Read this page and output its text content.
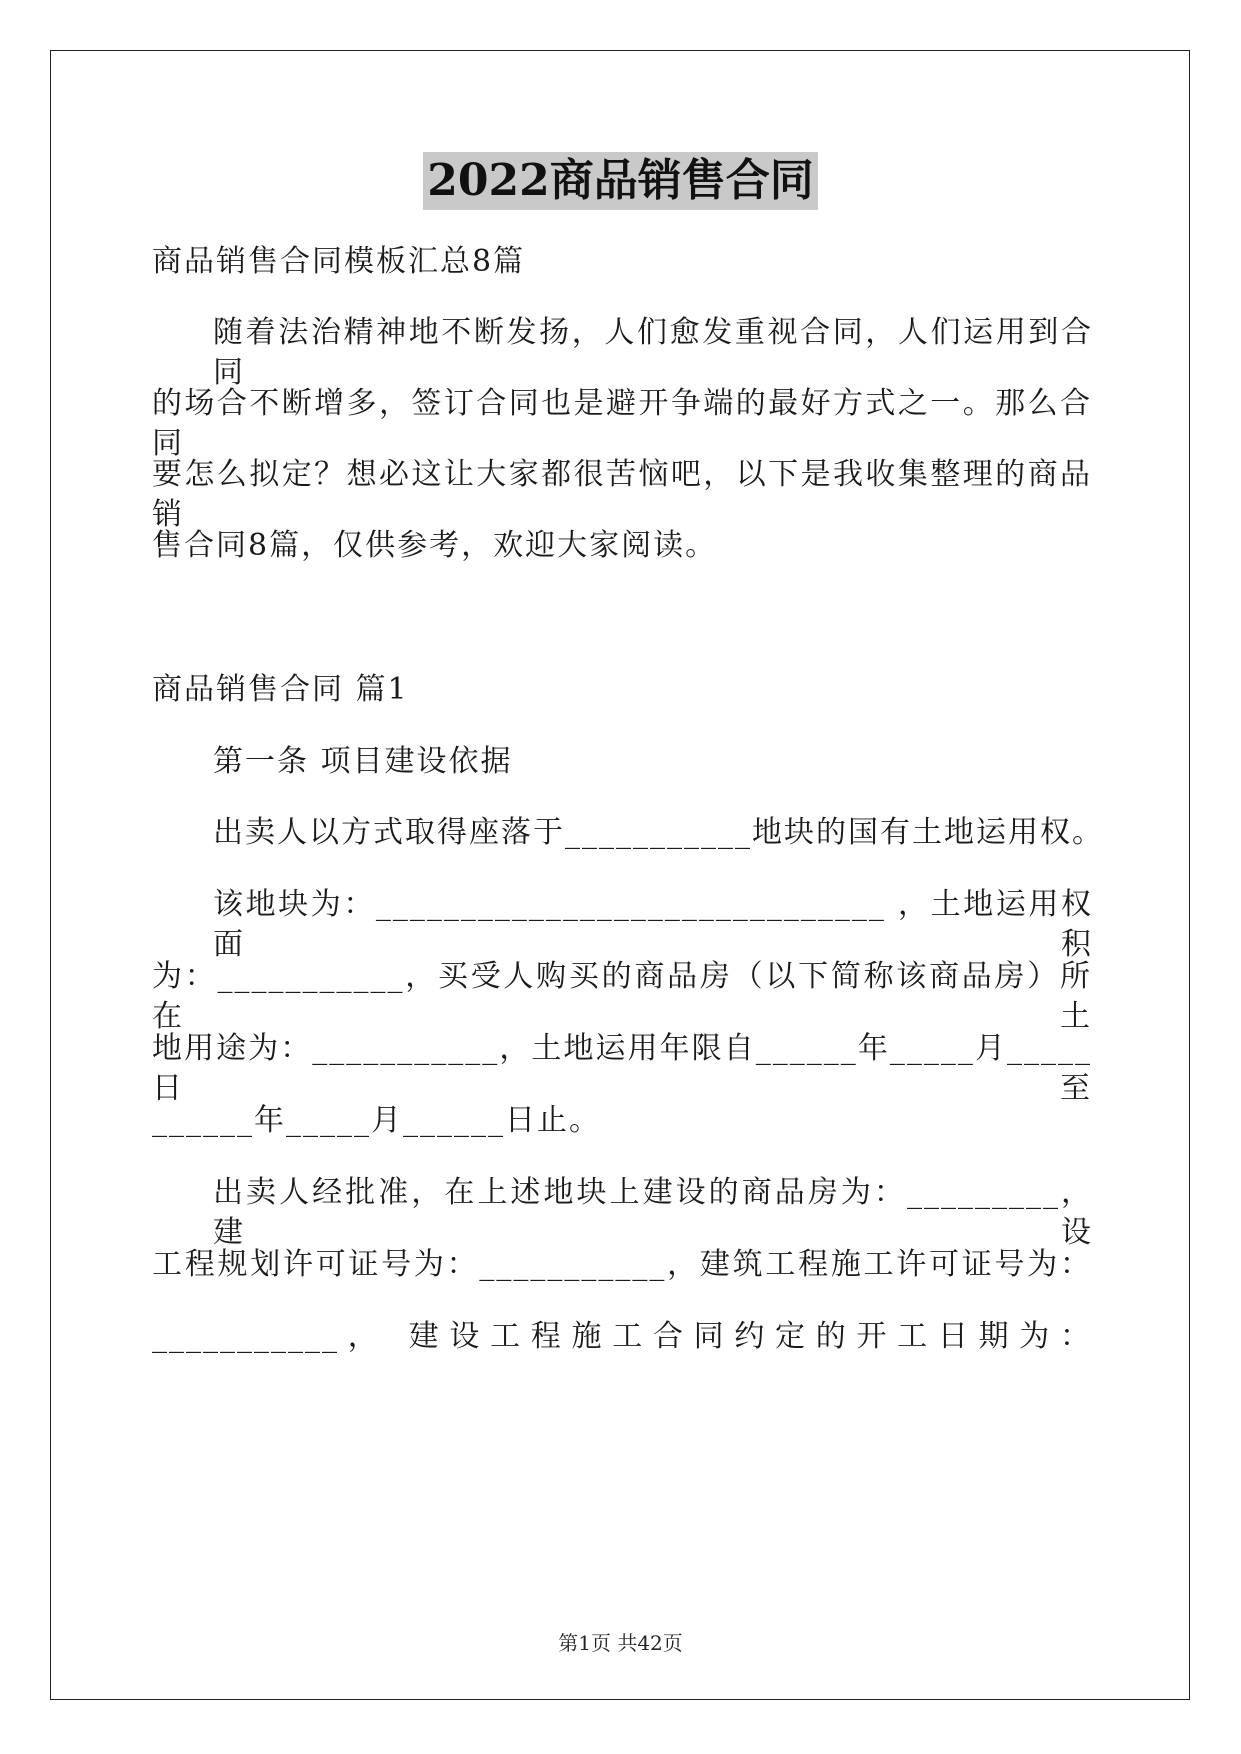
2022商品销售合同
商品销售合同模板汇总8篇
随着法治精神地不断发扬，人们愈发重视合同，人们运用到合同
的场合不断增多，签订合同也是避开争端的最好方式之一。那么合同
要怎么拟定？想必这让大家都很苦恼吧，以下是我收集整理的商品销
售合同8篇，仅供参考，欢迎大家阅读。
商品销售合同 篇1
第一条 项目建设依据
出卖人以方式取得座落于___________地块的国有土地运用权。
该地块为：______________________________ ，土地运用权面积
为：___________，买受人购买的商品房（以下简称该商品房）所在土
地用途为：___________，土地运用年限自______年_____月_____日至
______年_____月______日止。
出卖人经批准，在上述地块上建设的商品房为：_________，建设
工程规划许可证号为：___________，建筑工程施工许可证号为：
___________， 建设工程施工合同约定的开工日期为：
第1页 共42页
